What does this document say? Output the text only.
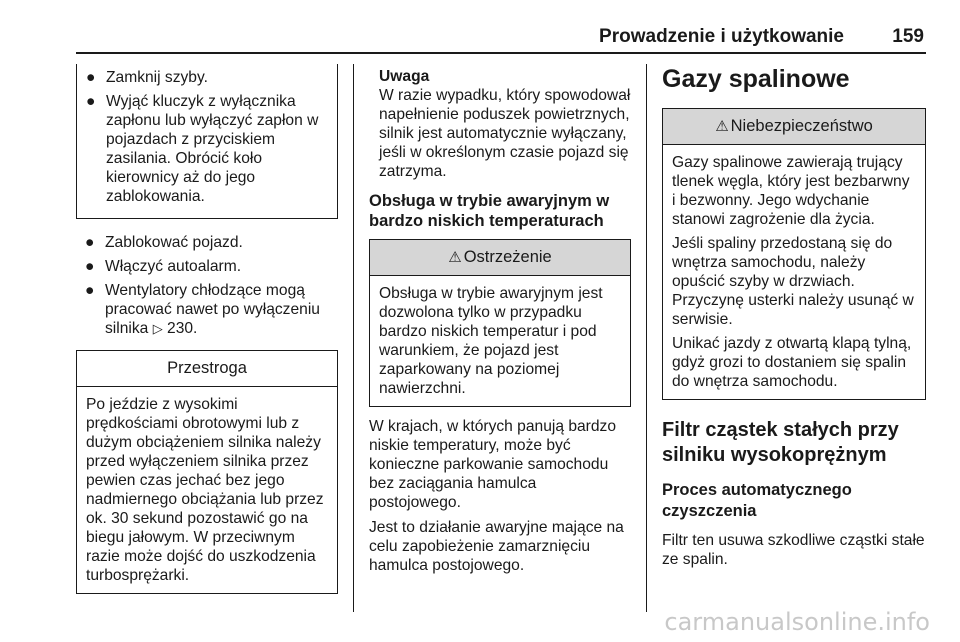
Prowadzenie i użytkowanie	159
● Zamknij szyby.
● Wyjąć kluczyk z wyłącznika zapłonu lub wyłączyć zapłon w pojazdach z przyciskiem zasilania. Obrócić koło kierownicy aż do jego zablokowania.
● Zablokować pojazd.
● Włączyć autoalarm.
● Wentylatory chłodzące mogą pracować nawet po wyłączeniu silnika ▷ 230.
Przestroga

Po jeździe z wysokimi prędkościami obrotowymi lub z dużym obciążeniem silnika należy przed wyłączeniem silnika przez pewien czas jechać bez jego nadmiernego obciążania lub przez ok. 30 sekund pozostawić go na biegu jałowym. W przeciwnym razie może dojść do uszkodzenia turbosprężarki.

Uwaga
W razie wypadku, który spowodował napełnienie poduszek powietrznych, silnik jest automatycznie wyłączany, jeśli w określonym czasie pojazd się zatrzyma.
Obsługa w trybie awaryjnym w bardzo niskich temperaturach
⚠ Ostrzeżenie

Obsługa w trybie awaryjnym jest dozwolona tylko w przypadku bardzo niskich temperatur i pod warunkiem, że pojazd jest zaparkowany na poziomej nawierzchni.

W krajach, w których panują bardzo niskie temperatury, może być konieczne parkowanie samochodu bez zaciągania hamulca postojowego.

Jest to działanie awaryjne mające na celu zapobieżenie zamarznięciu hamulca postojowego.

Gazy spalinowe
⚠ Niebezpieczeństwo

Gazy spalinowe zawierają trujący tlenek węgla, który jest bezbarwny i bezwonny. Jego wdychanie stanowi zagrożenie dla życia.

Jeśli spaliny przedostaną się do wnętrza samochodu, należy opuścić szyby w drzwiach. Przyczynę usterki należy usunąć w serwisie.

Unikać jazdy z otwartą klapą tylną, gdyż grozi to dostaniem się spalin do wnętrza samochodu.

Filtr cząstek stałych przy silniku wysokoprężnym
Proces automatycznego czyszczenia

Filtr ten usuwa szkodliwe cząstki stałe ze spalin.

carmanualsonline.info
